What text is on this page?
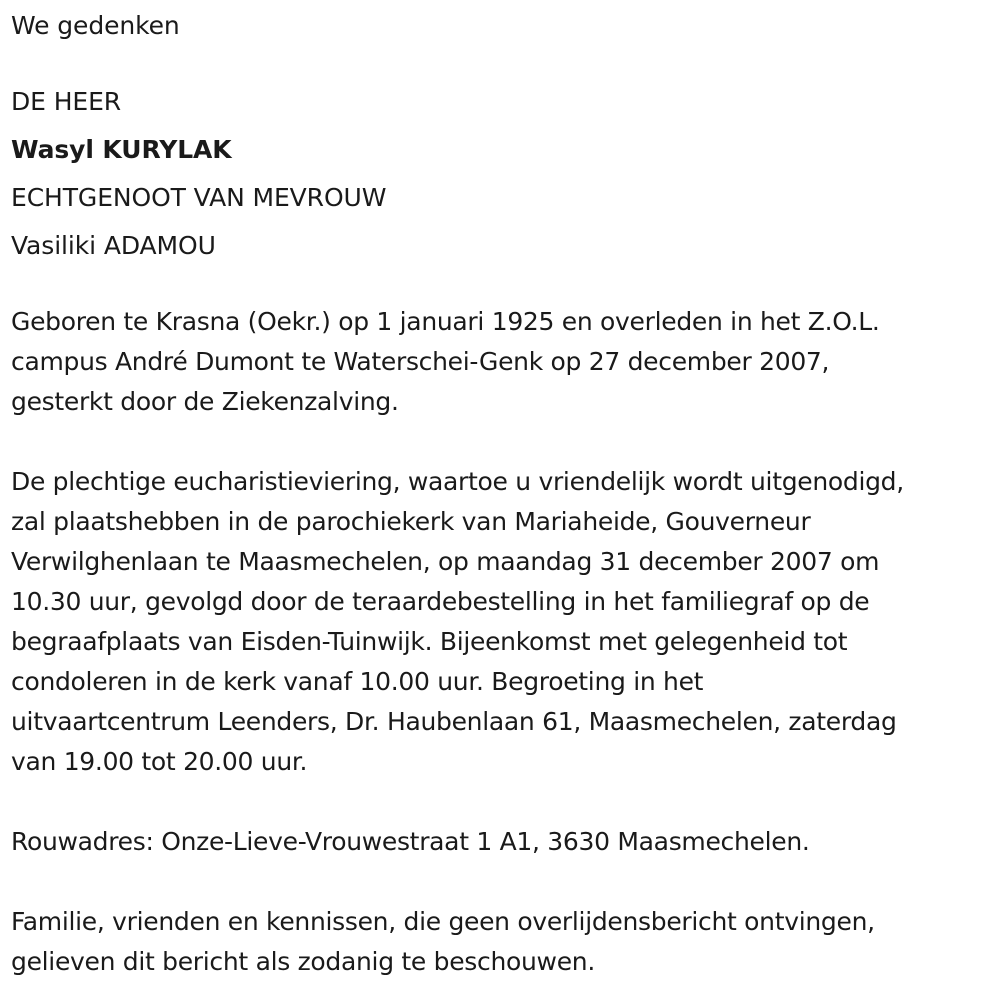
We gedenken
DE HEER
Wasyl KURYLAK
ECHTGENOOT VAN MEVROUW
Vasiliki ADAMOU
Geboren te Krasna (Oekr.) op 1 januari 1925 en overleden in het Z.O.L.
campus André Dumont te Waterschei-Genk op 27 december 2007,
gesterkt door de Ziekenzalving.
De plechtige eucharistieviering, waartoe u vriendelijk wordt uitgenodigd,
zal plaatshebben in de parochiekerk van Mariaheide, Gouverneur
Verwilghenlaan te Maasmechelen, op maandag 31 december 2007 om
10.30 uur, gevolgd door de teraardebestelling in het familiegraf op de
begraafplaats van Eisden-Tuinwijk. Bijeenkomst met gelegenheid tot
condoleren in de kerk vanaf 10.00 uur. Begroeting in het
uitvaartcentrum Leenders, Dr. Haubenlaan 61, Maasmechelen, zaterdag
van 19.00 tot 20.00 uur.
Rouwadres: Onze-Lieve-Vrouwestraat 1 A1, 3630 Maasmechelen.
Familie, vrienden en kennissen, die geen overlijdensbericht ontvingen,
gelieven dit bericht als zodanig te beschouwen.
